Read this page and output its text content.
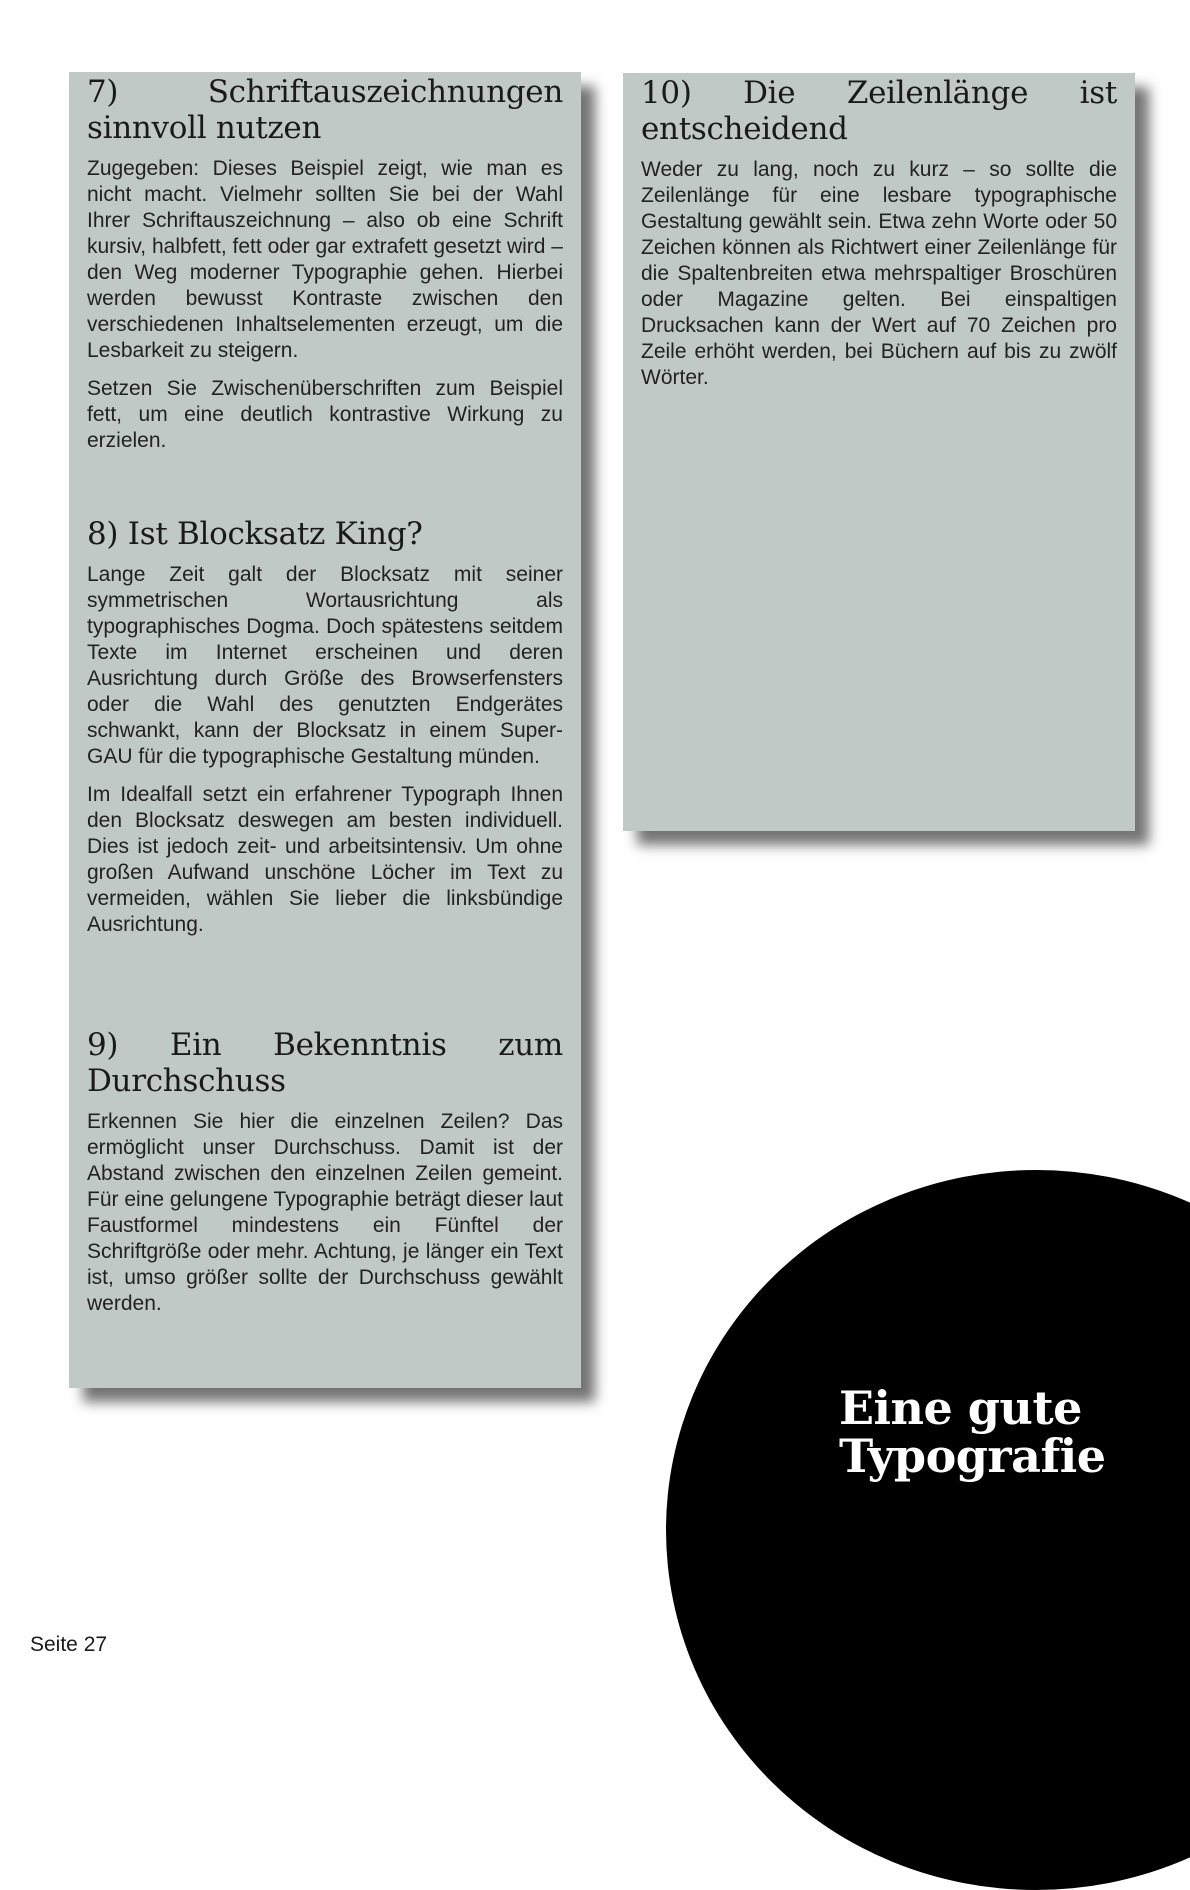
7) Schriftauszeichnungen sinnvoll nutzen

Zugegeben: Dieses Beispiel zeigt, wie man es nicht macht. Vielmehr sollten Sie bei der Wahl Ihrer Schriftauszeichnung – also ob eine Schrift kursiv, halbfett, fett oder gar extrafett gesetzt wird – den Weg moderner Typographie gehen. Hierbei werden bewusst Kontraste zwischen den verschiedenen Inhaltselementen erzeugt, um die Lesbarkeit zu steigern.

Setzen Sie Zwischenüberschriften zum Beispiel fett, um eine deutlich kontrastive Wirkung zu erzielen.

8) Ist Blocksatz King?

Lange Zeit galt der Blocksatz mit seiner symmetrischen Wortausrichtung als typographisches Dogma. Doch spätestens seitdem Texte im Internet erscheinen und deren Ausrichtung durch Größe des Browserfensters oder die Wahl des genutzten Endgerätes schwankt, kann der Blocksatz in einem Super-GAU für die typographische Gestaltung münden.

Im Idealfall setzt ein erfahrener Typograph Ihnen den Blocksatz deswegen am besten individuell. Dies ist jedoch zeit- und arbeitsintensiv. Um ohne großen Aufwand unschöne Löcher im Text zu vermeiden, wählen Sie lieber die linksbündige Ausrichtung.

9) Ein Bekenntnis zum Durchschuss

Erkennen Sie hier die einzelnen Zeilen? Das ermöglicht unser Durchschuss. Damit ist der Abstand zwischen den einzelnen Zeilen gemeint. Für eine gelungene Typographie beträgt dieser laut Faustformel mindestens ein Fünftel der Schriftgröße oder mehr. Achtung, je länger ein Text ist, umso größer sollte der Durchschuss gewählt werden.

10) Die Zeilenlänge ist entscheidend

Weder zu lang, noch zu kurz – so sollte die Zeilenlänge für eine lesbare typographische Gestaltung gewählt sein. Etwa zehn Worte oder 50 Zeichen können als Richtwert einer Zeilenlänge für die Spaltenbreiten etwa mehrspaltiger Broschüren oder Magazine gelten. Bei einspaltigen Drucksachen kann der Wert auf 70 Zeichen pro Zeile erhöht werden, bei Büchern auf bis zu zwölf Wörter.

Eine gute
Typografie
Seite 27
